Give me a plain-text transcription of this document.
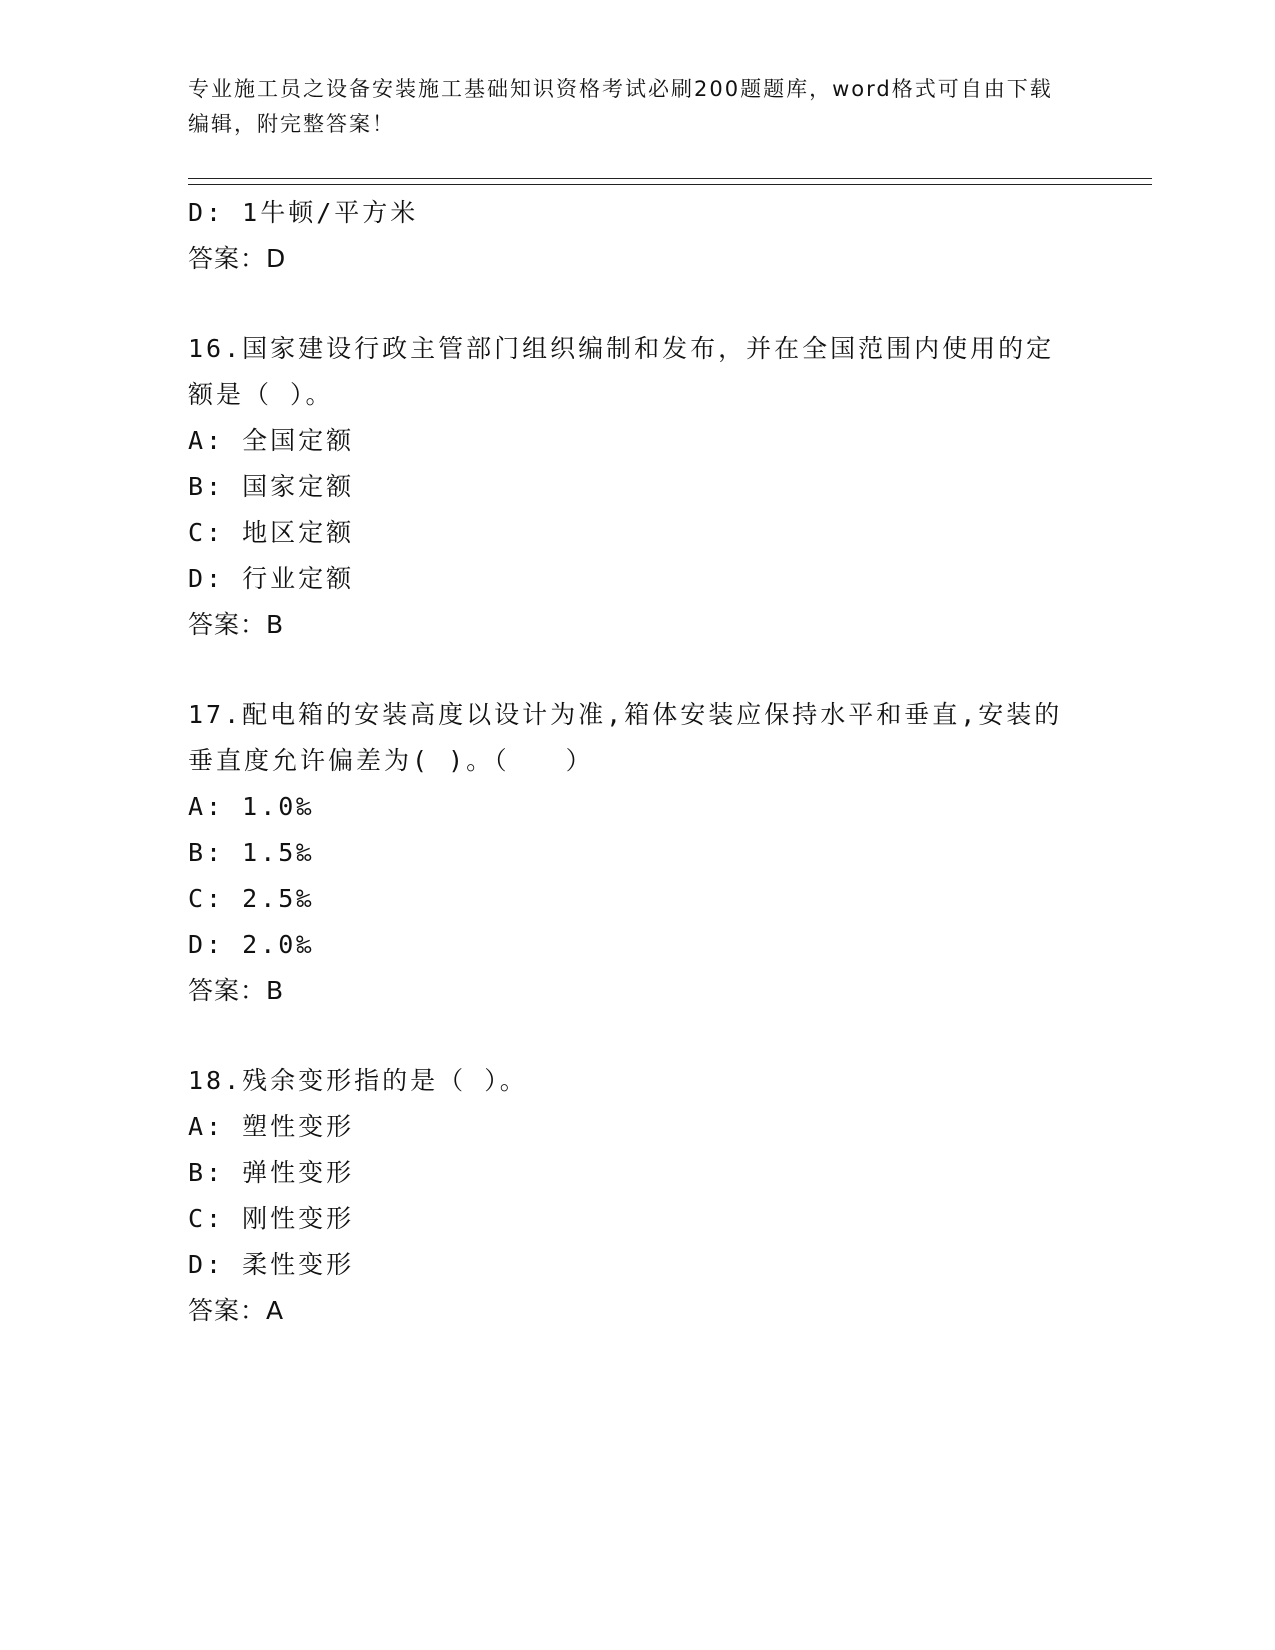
专业施工员之设备安装施工基础知识资格考试必刷200题题库，word格式可自由下载编辑，附完整答案！
D: 1牛顿/平方米
答案：D
16.国家建设行政主管部门组织编制和发布，并在全国范围内使用的定额是（ ）。
A: 全国定额
B: 国家定额
C: 地区定额
D: 行业定额
答案：B
17.配电箱的安装高度以设计为准,箱体安装应保持水平和垂直,安装的垂直度允许偏差为( )。（　　）
A: 1.0‰
B: 1.5‰
C: 2.5‰
D: 2.0‰
答案：B
18.残余变形指的是（ ）。
A: 塑性变形
B: 弹性变形
C: 刚性变形
D: 柔性变形
答案：A
